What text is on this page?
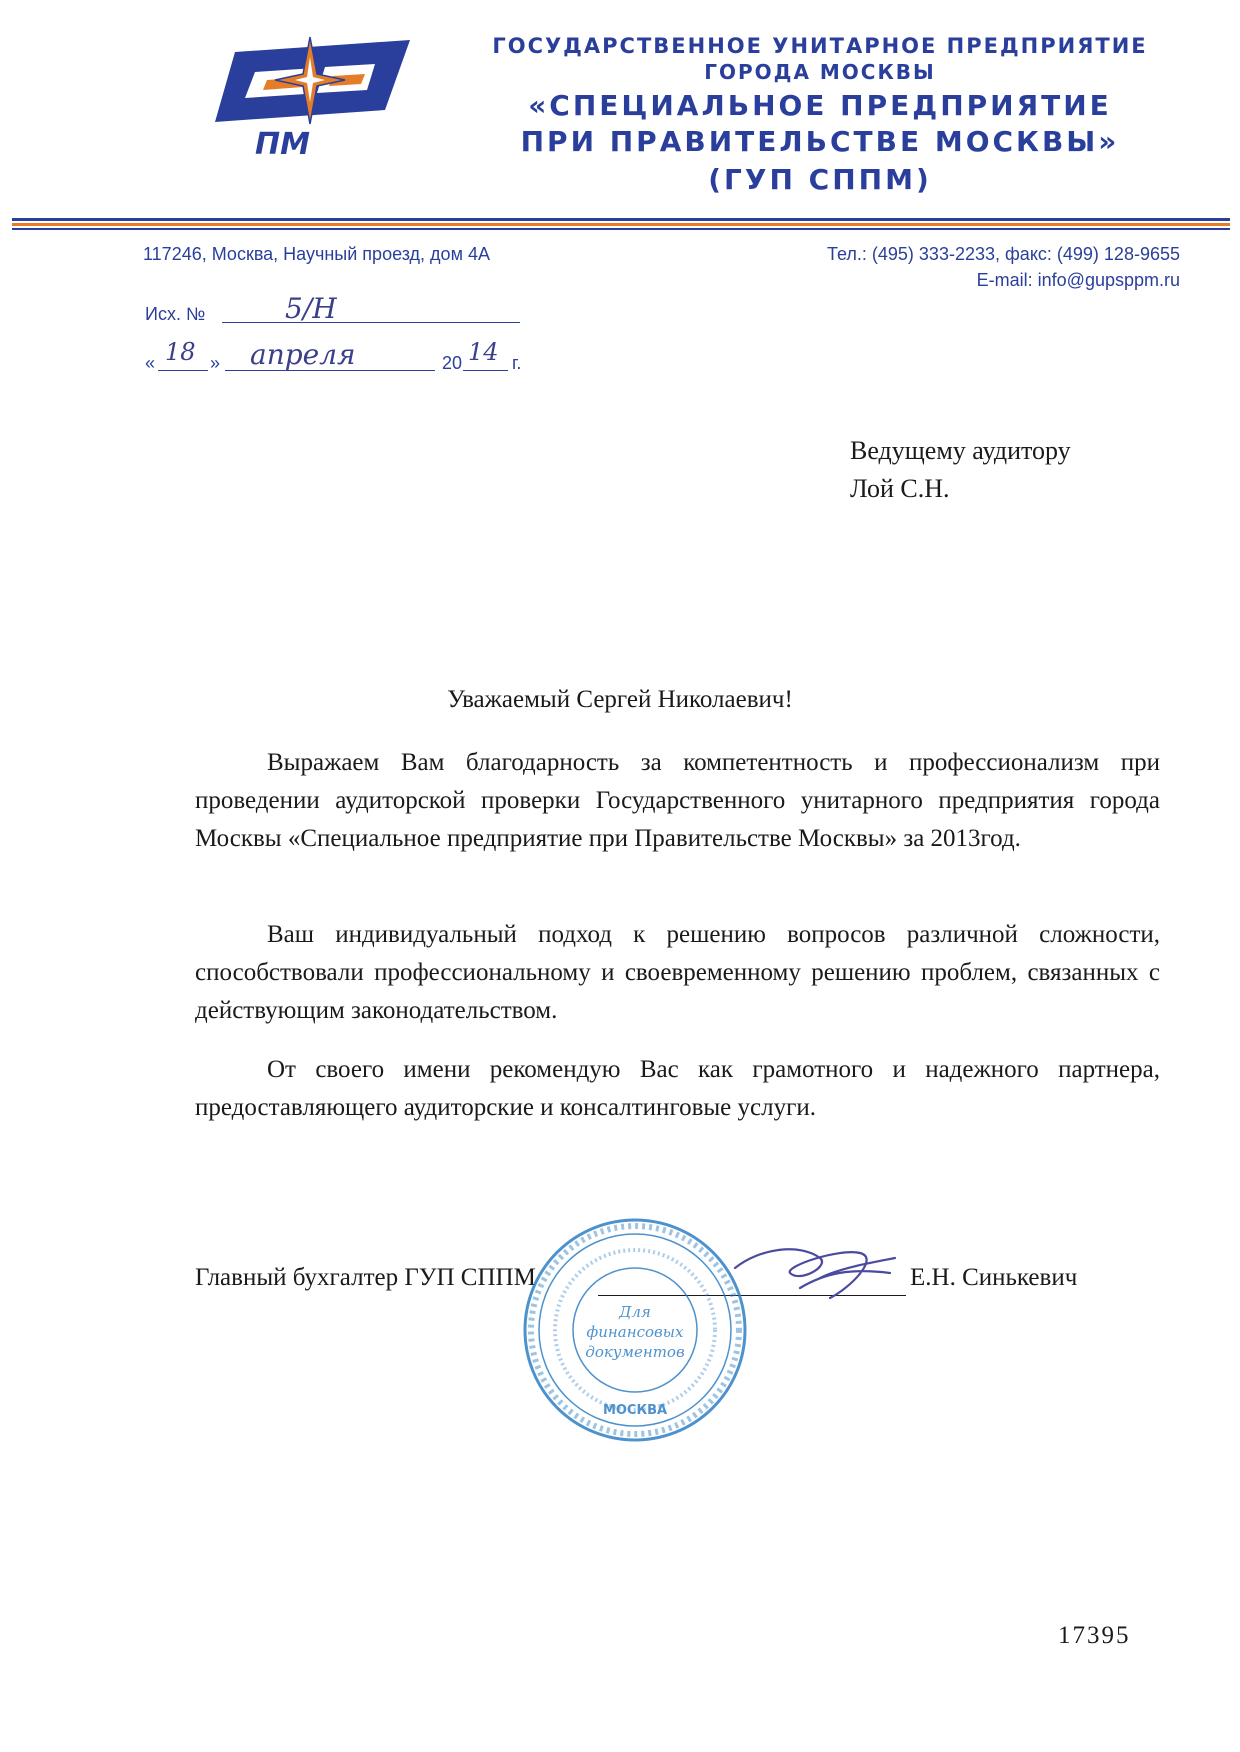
ПМ
СП	ГОСУДАРСТВЕННОЕ УНИТАРНОЕ ПРЕДПРИЯТИЕ
ГОРОДА МОСКВЫ
«СПЕЦИАЛЬНОЕ ПРЕДПРИЯТИЕ
ПРИ ПРАВИТЕЛЬСТВЕ МОСКВЫ»
(ГУП СППМ)
117246, Москва, Научный проезд, дом 4А	Тел.: (495) 333-2233, факс: (499) 128-9655
E-mail: info@gupsppm.ru
Исх. №	5/Н
« 18 » апреля	20 14 г.
Ведущему аудитору
Лой С.Н.
Уважаемый Сергей Николаевич!
Выражаем Вам благодарность за компетентность и профессионализм при проведении аудиторской проверки Государственного унитарного предприятия города Москвы «Специальное предприятие при Правительстве Москвы» за 2013год.
Ваш индивидуальный подход к решению вопросов различной сложности, способствовали профессиональному и своевременному решению проблем, связанных с действующим законодательством.
От своего имени рекомендую Вас как грамотного и надежного партнера, предоставляющего аудиторские и консалтинговые услуги.
Главный бухгалтер ГУП СППМ	Е.Н. Синькевич
Для
финансовых
документов
МОСКВА
17395
